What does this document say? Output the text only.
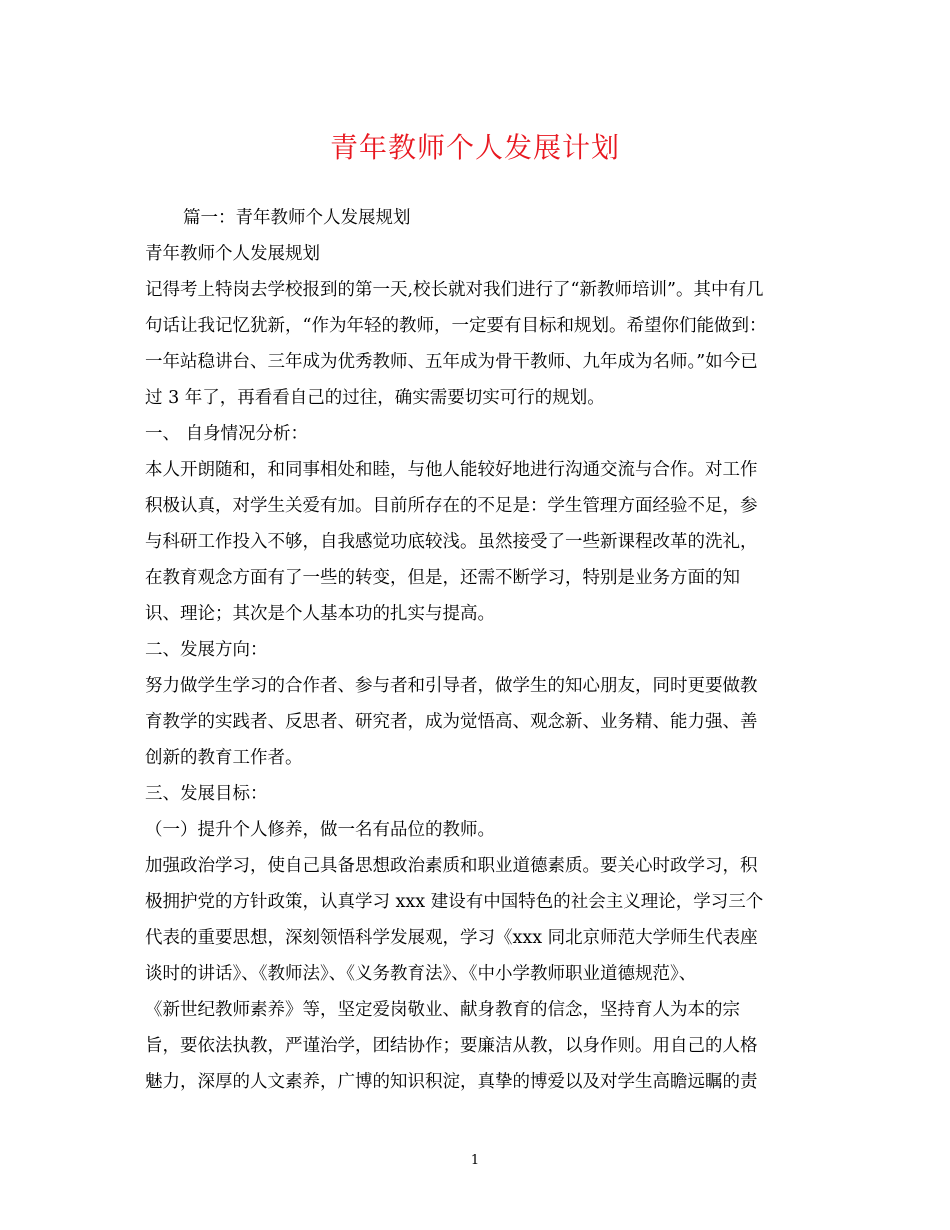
青年教师个人发展计划
篇一：青年教师个人发展规划
青年教师个人发展规划
记得考上特岗去学校报到的第一天,校长就对我们进行了“新教师培训”。其中有几
句话让我记忆犹新，“作为年轻的教师，一定要有目标和规划。希望你们能做到：
一年站稳讲台、三年成为优秀教师、五年成为骨干教师、九年成为名师。”如今已
过 3 年了，再看看自己的过往，确实需要切实可行的规划。
一、 自身情况分析：
本人开朗随和，和同事相处和睦，与他人能较好地进行沟通交流与合作。对工作
积极认真，对学生关爱有加。目前所存在的不足是：学生管理方面经验不足，参
与科研工作投入不够，自我感觉功底较浅。虽然接受了一些新课程改革的洗礼，
在教育观念方面有了一些的转变，但是，还需不断学习，特别是业务方面的知
识、理论；其次是个人基本功的扎实与提高。
二、发展方向：
努力做学生学习的合作者、参与者和引导者，做学生的知心朋友，同时更要做教
育教学的实践者、反思者、研究者，成为觉悟高、观念新、业务精、能力强、善
创新的教育工作者。
三、发展目标：
（一）提升个人修养，做一名有品位的教师。
加强政治学习，使自己具备思想政治素质和职业道德素质。要关心时政学习，积
极拥护党的方针政策，认真学习 xxx 建设有中国特色的社会主义理论，学习三个
代表的重要思想，深刻领悟科学发展观，学习《xxx 同北京师范大学师生代表座
谈时的讲话》、《教师法》、《义务教育法》、《中小学教师职业道德规范》、
《新世纪教师素养》等，坚定爱岗敬业、献身教育的信念，坚持育人为本的宗
旨，要依法执教，严谨治学，团结协作；要廉洁从教，以身作则。用自己的人格
魅力，深厚的人文素养，广博的知识积淀，真挚的博爱以及对学生高瞻远瞩的责
1
